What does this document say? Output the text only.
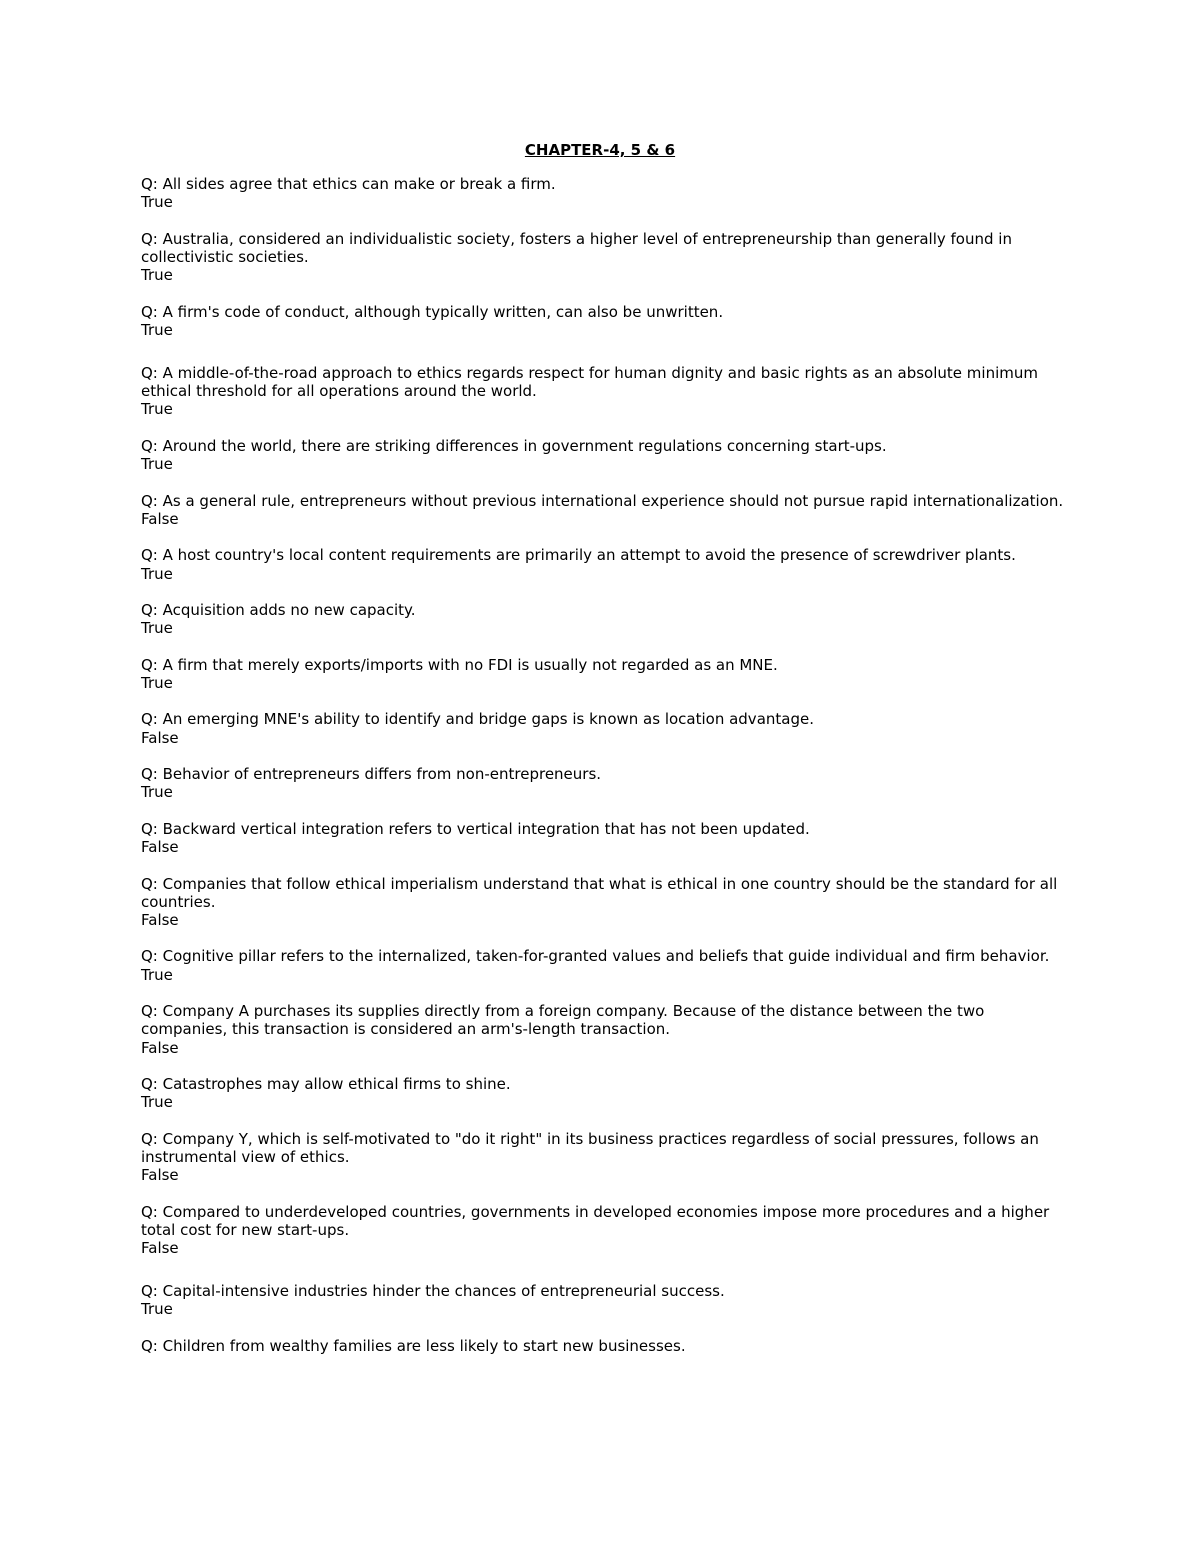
CHAPTER-4, 5 & 6
Q: All sides agree that ethics can make or break a firm.
True
Q: Australia, considered an individualistic society, fosters a higher level of entrepreneurship than generally found in collectivistic societies.
True
Q: A firm's code of conduct, although typically written, can also be unwritten.
True
Q: A middle-of-the-road approach to ethics regards respect for human dignity and basic rights as an absolute minimum ethical threshold for all operations around the world.
True
Q: Around the world, there are striking differences in government regulations concerning start-ups.
True
Q: As a general rule, entrepreneurs without previous international experience should not pursue rapid internationalization.
False
Q: A host country's local content requirements are primarily an attempt to avoid the presence of screwdriver plants.
True
Q: Acquisition adds no new capacity.
True
Q: A firm that merely exports/imports with no FDI is usually not regarded as an MNE.
True
Q: An emerging MNE's ability to identify and bridge gaps is known as location advantage.
False
Q: Behavior of entrepreneurs differs from non-entrepreneurs.
True
Q: Backward vertical integration refers to vertical integration that has not been updated.
False
Q: Companies that follow ethical imperialism understand that what is ethical in one country should be the standard for all countries.
False
Q: Cognitive pillar refers to the internalized, taken-for-granted values and beliefs that guide individual and firm behavior.
True
Q: Company A purchases its supplies directly from a foreign company. Because of the distance between the two companies, this transaction is considered an arm's-length transaction.
False
Q: Catastrophes may allow ethical firms to shine.
True
Q: Company Y, which is self-motivated to "do it right" in its business practices regardless of social pressures, follows an instrumental view of ethics.
False
Q: Compared to underdeveloped countries, governments in developed economies impose more procedures and a higher total cost for new start-ups.
False
Q: Capital-intensive industries hinder the chances of entrepreneurial success.
True
Q: Children from wealthy families are less likely to start new businesses.
